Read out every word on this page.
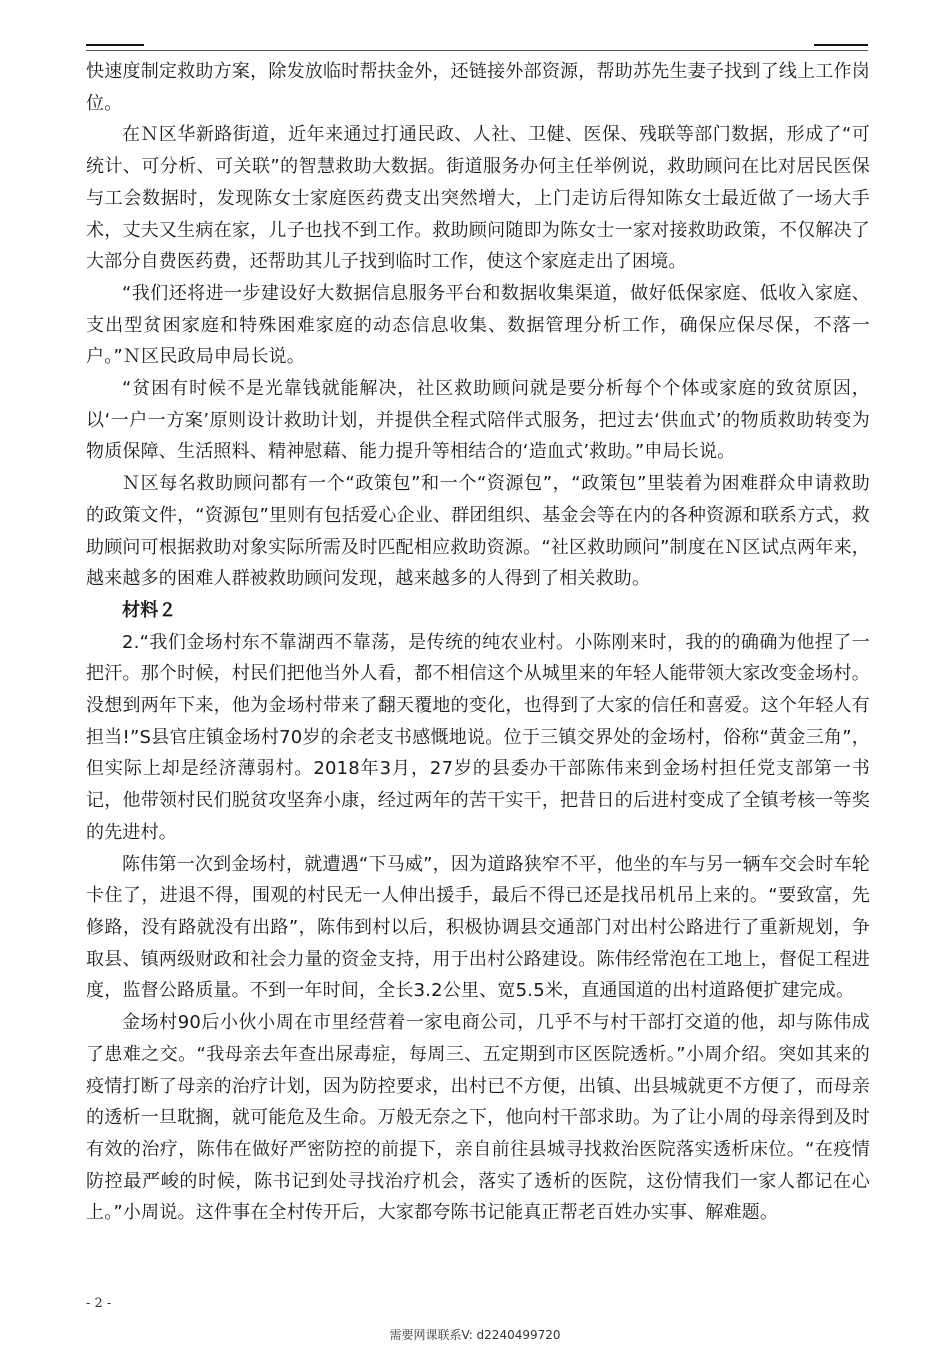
快速度制定救助方案，除发放临时帮扶金外，还链接外部资源，帮助苏先生妻子找到了线上工作岗位。

在Ｎ区华新路街道，近年来通过打通民政、人社、卫健、医保、残联等部门数据，形成了“可统计、可分析、可关联”的智慧救助大数据。街道服务办何主任举例说，救助顾问在比对居民医保与工会数据时，发现陈女士家庭医药费支出突然增大，上门走访后得知陈女士最近做了一场大手术，丈夫又生病在家，儿子也找不到工作。救助顾问随即为陈女士一家对接救助政策，不仅解决了大部分自费医药费，还帮助其儿子找到临时工作，使这个家庭走出了困境。

“我们还将进一步建设好大数据信息服务平台和数据收集渠道，做好低保家庭、低收入家庭、支出型贫困家庭和特殊困难家庭的动态信息收集、数据管理分析工作，确保应保尽保，不落一户。”Ｎ区民政局申局长说。

“贫困有时候不是光靠钱就能解决，社区救助顾问就是要分析每个个体或家庭的致贫原因，以‘一户一方案’原则设计救助计划，并提供全程式陪伴式服务，把过去‘供血式’的物质救助转变为物质保障、生活照料、精神慰藉、能力提升等相结合的‘造血式’救助。”申局长说。

Ｎ区每名救助顾问都有一个“政策包”和一个“资源包”，“政策包”里装着为困难群众申请救助的政策文件，“资源包”里则有包括爱心企业、群团组织、基金会等在内的各种资源和联系方式，救助顾问可根据救助对象实际所需及时匹配相应救助资源。“社区救助顾问”制度在Ｎ区试点两年来，越来越多的困难人群被救助顾问发现，越来越多的人得到了相关救助。

材料２

2.“我们金场村东不靠湖西不靠荡，是传统的纯农业村。小陈刚来时，我的的确确为他捏了一把汗。那个时候，村民们把他当外人看，都不相信这个从城里来的年轻人能带领大家改变金场村。没想到两年下来，他为金场村带来了翻天覆地的变化，也得到了大家的信任和喜爱。这个年轻人有担当!”S县官庄镇金场村70岁的余老支书感慨地说。位于三镇交界处的金场村，俗称“黄金三角”，但实际上却是经济薄弱村。2018年3月，27岁的县委办干部陈伟来到金场村担任党支部第一书记，他带领村民们脱贫攻坚奔小康，经过两年的苦干实干，把昔日的后进村变成了全镇考核一等奖的先进村。

陈伟第一次到金场村，就遭遇“下马威”，因为道路狭窄不平，他坐的车与另一辆车交会时车轮卡住了，进退不得，围观的村民无一人伸出援手，最后不得已还是找吊机吊上来的。“要致富，先修路，没有路就没有出路”，陈伟到村以后，积极协调县交通部门对出村公路进行了重新规划，争取县、镇两级财政和社会力量的资金支持，用于出村公路建设。陈伟经常泡在工地上，督促工程进度，监督公路质量。不到一年时间，全长3.2公里、宽5.5米，直通国道的出村道路便扩建完成。

金场村90后小伙小周在市里经营着一家电商公司，几乎不与村干部打交道的他，却与陈伟成了患难之交。“我母亲去年查出尿毒症，每周三、五定期到市区医院透析。”小周介绍。突如其来的疫情打断了母亲的治疗计划，因为防控要求，出村已不方便，出镇、出县城就更不方便了，而母亲的透析一旦耽搁，就可能危及生命。万般无奈之下，他向村干部求助。为了让小周的母亲得到及时有效的治疗，陈伟在做好严密防控的前提下，亲自前往县城寻找救治医院落实透析床位。“在疫情防控最严峻的时候，陈书记到处寻找治疗机会，落实了透析的医院，这份情我们一家人都记在心上。”小周说。这件事在全村传开后，大家都夸陈书记能真正帮老百姓办实事、解难题。

- 2 -
需要网课联系V: d2240499720
